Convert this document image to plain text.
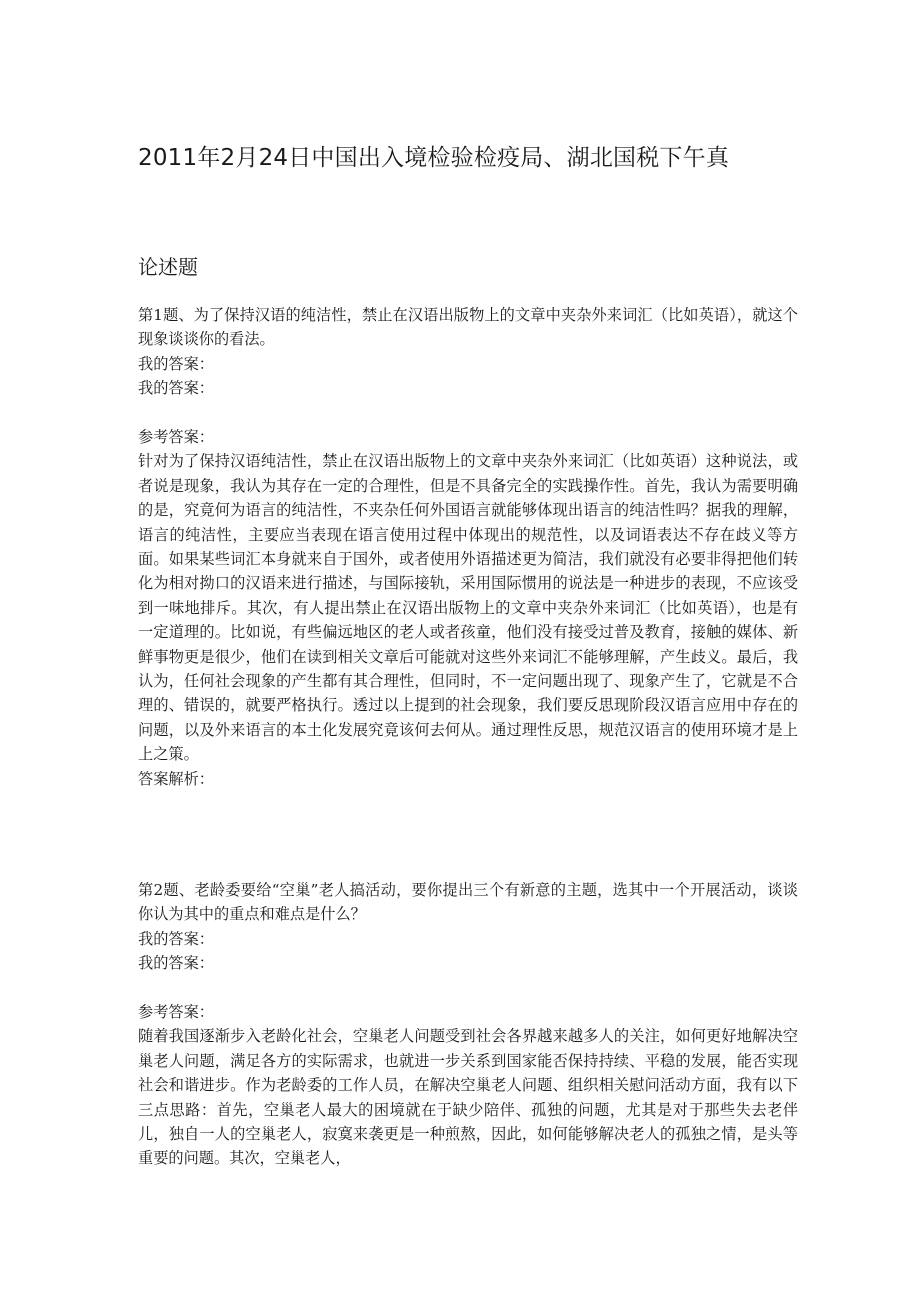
2011年2月24日中国出入境检验检疫局、湖北国税下午真
论述题

第1题、为了保持汉语的纯洁性，禁止在汉语出版物上的文章中夹杂外来词汇（比如英语），就这个现象谈谈你的看法。

我的答案：

我的答案：

参考答案：

针对为了保持汉语纯洁性，禁止在汉语出版物上的文章中夹杂外来词汇（比如英语）这种说法，或者说是现象，我认为其存在一定的合理性，但是不具备完全的实践操作性。首先，我认为需要明确的是，究竟何为语言的纯洁性，不夹杂任何外国语言就能够体现出语言的纯洁性吗？据我的理解，语言的纯洁性，主要应当表现在语言使用过程中体现出的规范性，以及词语表达不存在歧义等方面。如果某些词汇本身就来自于国外，或者使用外语描述更为简洁，我们就没有必要非得把他们转化为相对拗口的汉语来进行描述，与国际接轨，采用国际惯用的说法是一种进步的表现，不应该受到一味地排斥。其次，有人提出禁止在汉语出版物上的文章中夹杂外来词汇（比如英语），也是有一定道理的。比如说，有些偏远地区的老人或者孩童，他们没有接受过普及教育，接触的媒体、新鲜事物更是很少，他们在读到相关文章后可能就对这些外来词汇不能够理解，产生歧义。最后，我认为，任何社会现象的产生都有其合理性，但同时，不一定问题出现了、现象产生了，它就是不合理的、错误的，就要严格执行。透过以上提到的社会现象，我们要反思现阶段汉语言应用中存在的问题，以及外来语言的本土化发展究竟该何去何从。通过理性反思，规范汉语言的使用环境才是上上之策。

答案解析：

第2题、老龄委要给“空巢”老人搞活动，要你提出三个有新意的主题，选其中一个开展活动，谈谈你认为其中的重点和难点是什么？

我的答案：

我的答案：

参考答案：

随着我国逐渐步入老龄化社会，空巢老人问题受到社会各界越来越多人的关注，如何更好地解决空巢老人问题，满足各方的实际需求，也就进一步关系到国家能否保持持续、平稳的发展，能否实现社会和谐进步。作为老龄委的工作人员，在解决空巢老人问题、组织相关慰问活动方面，我有以下三点思路：首先，空巢老人最大的困境就在于缺少陪伴、孤独的问题，尤其是对于那些失去老伴儿，独自一人的空巢老人，寂寞来袭更是一种煎熬，因此，如何能够解决老人的孤独之情，是头等重要的问题。其次，空巢老人，
